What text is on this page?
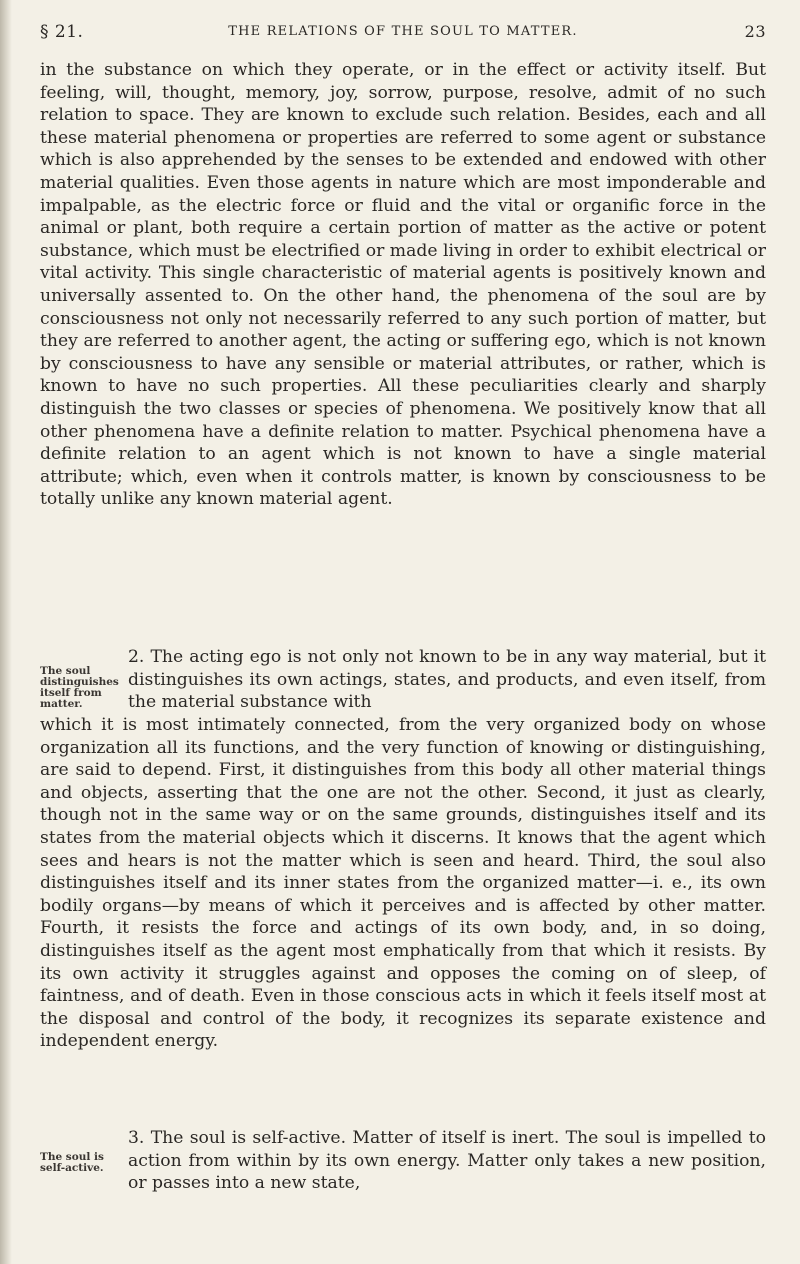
§ 21.	THE RELATIONS OF THE SOUL TO MATTER.	23
in the substance on which they operate, or in the effect or activity itself. But feeling, will, thought, memory, joy, sorrow, purpose, resolve, admit of no such relation to space. They are known to exclude such relation. Besides, each and all these material phenomena or properties are referred to some agent or substance which is also apprehended by the senses to be extended and endowed with other material qualities. Even those agents in nature which are most imponderable and impalpable, as the electric force or fluid and the vital or organific force in the animal or plant, both require a certain portion of matter as the active or potent substance, which must be electrified or made living in order to exhibit electrical or vital activity. This single characteristic of material agents is positively known and universally assented to. On the other hand, the phenomena of the soul are by consciousness not only not necessarily referred to any such portion of matter, but they are referred to another agent, the acting or suffering ego, which is not known by consciousness to have any sensible or material attributes, or rather, which is known to have no such properties. All these peculiarities clearly and sharply distinguish the two classes or species of phenomena. We positively know that all other phenomena have a definite relation to matter. Psychical phenomena have a definite relation to an agent which is not known to have a single material attribute; which, even when it controls matter, is known by consciousness to be totally unlike any known material agent.
The soul distinguishes itself from matter.
2. The acting ego is not only not known to be in any way material, but it distinguishes its own actings, states, and products, and even itself, from the material substance with
which it is most intimately connected, from the very organized body on whose organization all its functions, and the very function of knowing or distinguishing, are said to depend. First, it distinguishes from this body all other material things and objects, asserting that the one are not the other. Second, it just as clearly, though not in the same way or on the same grounds, distinguishes itself and its states from the material objects which it discerns. It knows that the agent which sees and hears is not the matter which is seen and heard. Third, the soul also distinguishes itself and its inner states from the organized matter—i. e., its own bodily organs—by means of which it perceives and is affected by other matter. Fourth, it resists the force and actings of its own body, and, in so doing, distinguishes itself as the agent most emphatically from that which it resists. By its own activity it struggles against and opposes the coming on of sleep, of faintness, and of death. Even in those conscious acts in which it feels itself most at the disposal and control of the body, it recognizes its separate existence and independent energy.
The soul is self-active.
3. The soul is self-active. Matter of itself is inert. The soul is impelled to action from within by its own energy. Matter only takes a new position, or passes into a new state,
